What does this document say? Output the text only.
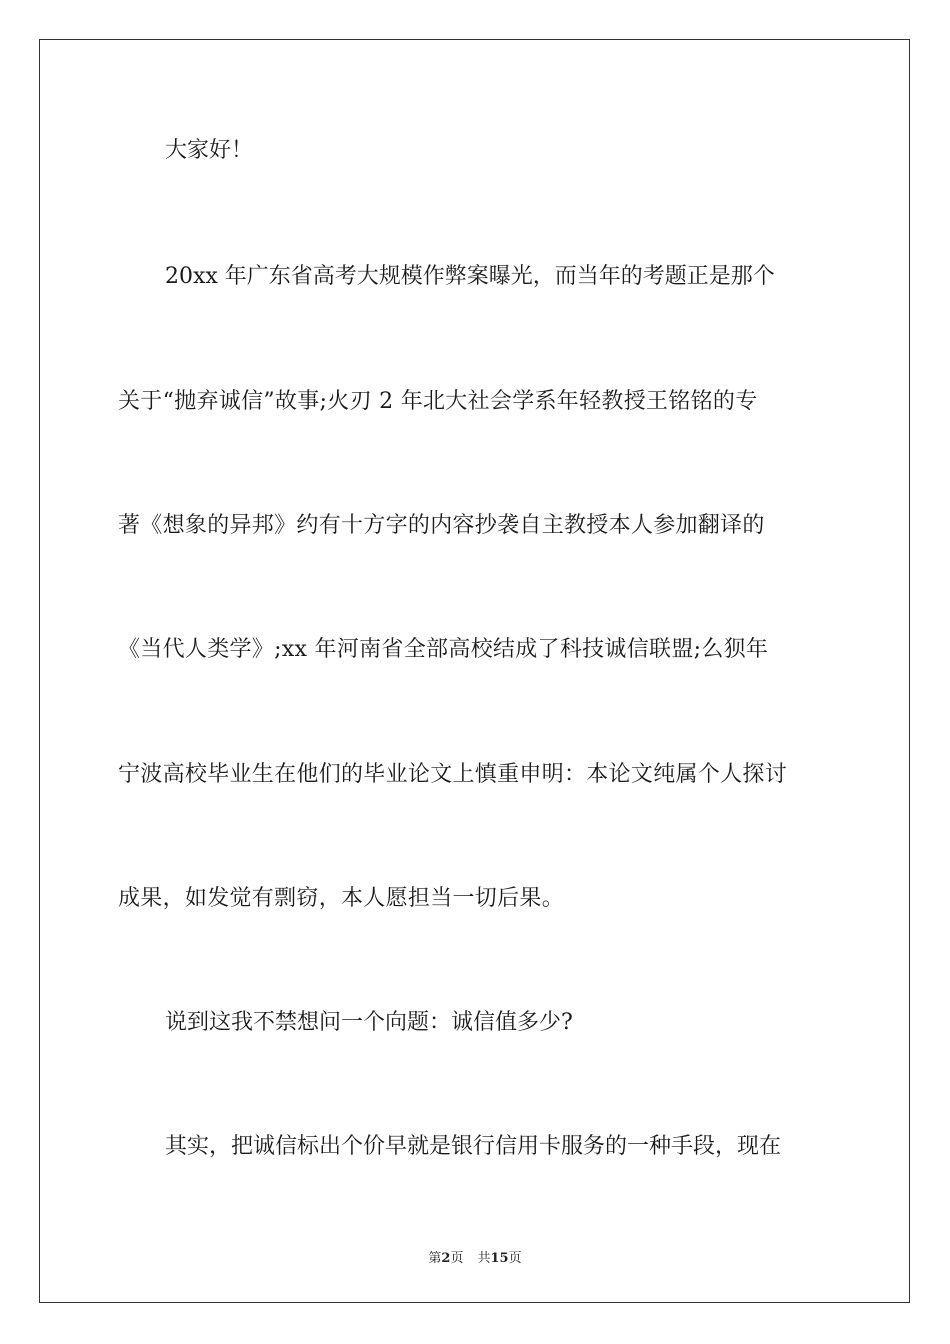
大家好！
20xx 年广东省高考大规模作弊案曝光，而当年的考题正是那个
关于“抛弃诚信”故事;火刃 2 年北大社会学系年轻教授王铭铭的专
著《想象的异邦》约有十方字的内容抄袭自主教授本人参加翻译的
《当代人类学》;xx 年河南省全部高校结成了科技诚信联盟;么狈年
宁波高校毕业生在他们的毕业论文上慎重申明：本论文纯属个人探讨
成果，如发觉有剽窃，本人愿担当一切后果。
说到这我不禁想问一个向题：诚信值多少?
其实，把诚信标出个价早就是银行信用卡服务的一种手段，现在
第2页 共15页
